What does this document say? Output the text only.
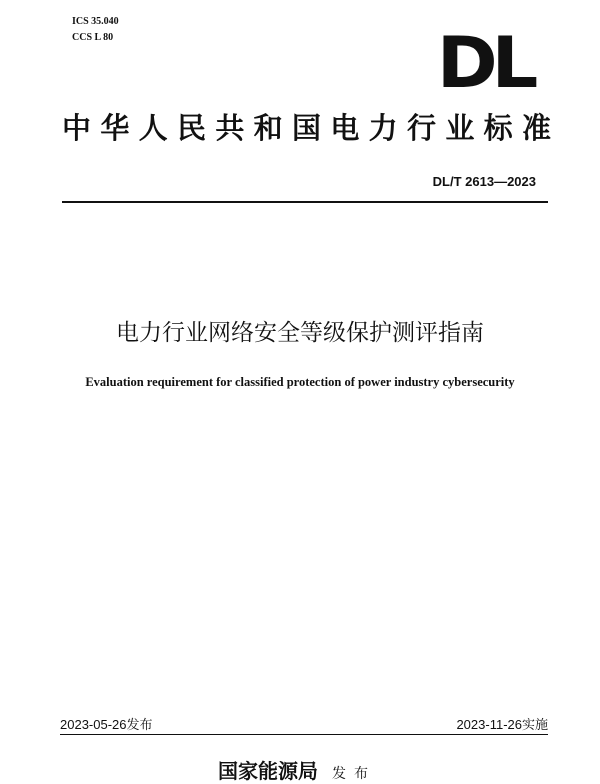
ICS 35.040
CCS L 80	DL
中华人民共和国电力行业标准
DL/T 2613—2023
电力行业网络安全等级保护测评指南
Evaluation requirement for classified protection of power industry cybersecurity
2023-05-26发布	2023-11-26实施
国家能源局 发布
